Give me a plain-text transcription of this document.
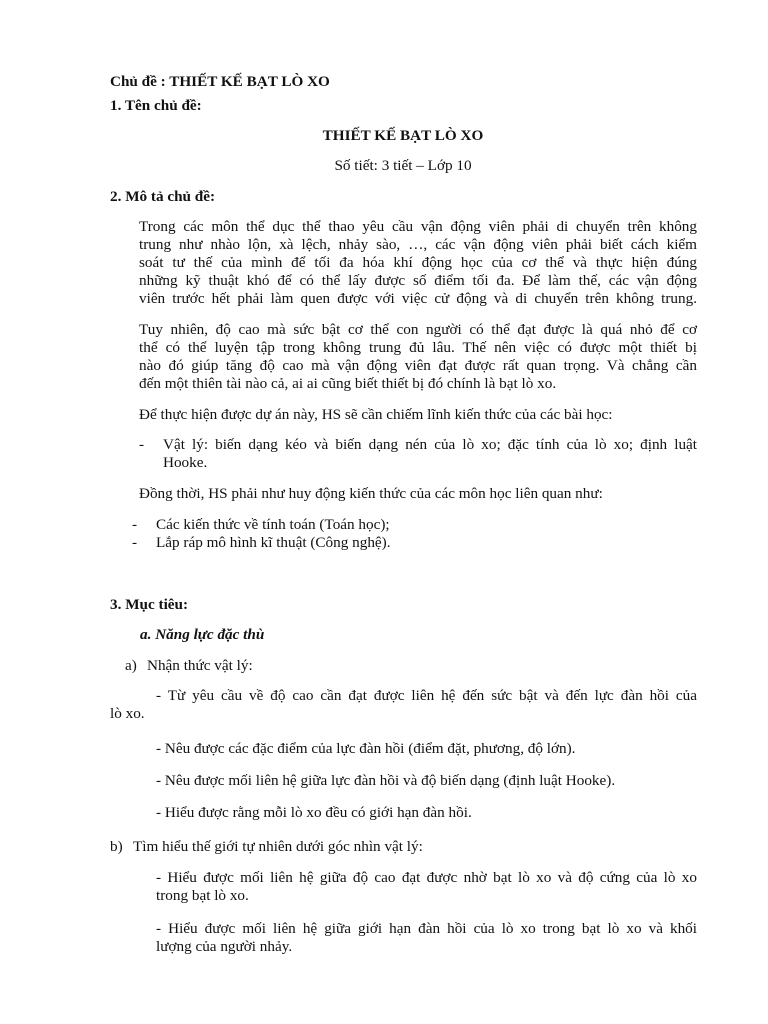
Chủ đề : THIẾT KẾ BẠT LÒ XO
1. Tên chủ đề:
THIẾT KẾ BẠT LÒ XO
Số tiết: 3 tiết – Lớp 10
2. Mô tả chủ đề:
Trong các môn thể dục thể thao yêu cầu vận động viên phải di chuyển trên không
trung như nhào lộn, xà lệch, nhảy sào, …, các vận động viên phải biết cách kiểm
soát tư thế của mình để tối đa hóa khí động học của cơ thể và thực hiện đúng
những kỹ thuật khó để có thể lấy được số điểm tối đa. Để làm thế, các vận động
viên trước hết phải làm quen được với việc cử động và di chuyển trên không trung.
Tuy nhiên, độ cao mà sức bật cơ thể con người có thể đạt được là quá nhỏ để cơ
thể có thể luyện tập trong không trung đủ lâu. Thế nên việc có được một thiết bị
nào đó giúp tăng độ cao mà vận động viên đạt được rất quan trọng. Và chẳng cần
đến một thiên tài nào cả, ai ai cũng biết thiết bị đó chính là bạt lò xo.
Để thực hiện được dự án này, HS sẽ cần chiếm lĩnh kiến thức của các bài học:
- Vật lý: biến dạng kéo và biến dạng nén của lò xo; đặc tính của lò xo; định luật
Hooke.
Đồng thời, HS phải như huy động kiến thức của các môn học liên quan như:
- Các kiến thức về tính toán (Toán học);
- Lắp ráp mô hình kĩ thuật (Công nghệ).
3. Mục tiêu:
a. Năng lực đặc thù
a) Nhận thức vật lý:
- Từ yêu cầu về độ cao cần đạt được liên hệ đến sức bật và đến lực đàn hồi của
lò xo.
- Nêu được các đặc điểm của lực đàn hồi (điểm đặt, phương, độ lớn).
- Nêu được mối liên hệ giữa lực đàn hồi và độ biến dạng (định luật Hooke).
- Hiểu được rằng mỗi lò xo đều có giới hạn đàn hồi.
b) Tìm hiểu thế giới tự nhiên dưới góc nhìn vật lý:
- Hiểu được mối liên hệ giữa độ cao đạt được nhờ bạt lò xo và độ cứng của lò xo
trong bạt lò xo.
- Hiểu được mối liên hệ giữa giới hạn đàn hồi của lò xo trong bạt lò xo và khối
lượng của người nhảy.
